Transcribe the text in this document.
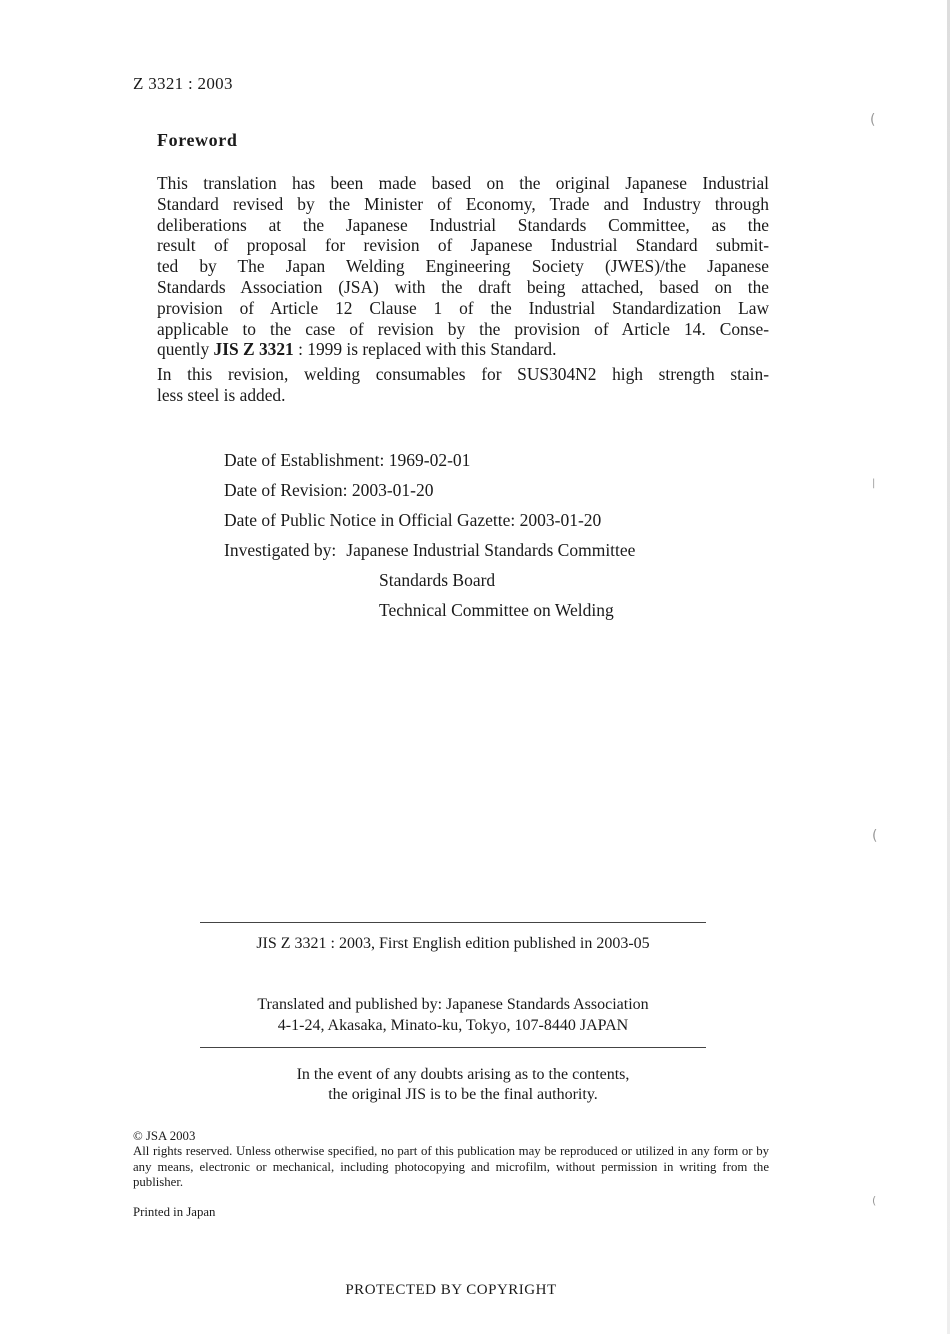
Z 3321 : 2003
Foreword
This translation has been made based on the original Japanese Industrial
Standard revised by the Minister of Economy, Trade and Industry through
deliberations at the Japanese Industrial Standards Committee, as the
result of proposal for revision of Japanese Industrial Standard submit-
ted by The Japan Welding Engineering Society (JWES)/the Japanese
Standards Association (JSA) with the draft being attached, based on the
provision of Article 12 Clause 1 of the Industrial Standardization Law
applicable to the case of revision by the provision of Article 14. Conse-
quently JIS Z 3321 : 1999 is replaced with this Standard.
In this revision, welding consumables for SUS304N2 high strength stain-
less steel is added.
Date of Establishment: 1969-02-01
Date of Revision: 2003-01-20
Date of Public Notice in Official Gazette: 2003-01-20
Investigated by: Japanese Industrial Standards Committee
Standards Board
Technical Committee on Welding
JIS Z 3321 : 2003, First English edition published in 2003-05
Translated and published by: Japanese Standards Association
4-1-24, Akasaka, Minato-ku, Tokyo, 107-8440 JAPAN
In the event of any doubts arising as to the contents,
the original JIS is to be the final authority.
© JSA 2003
All rights reserved. Unless otherwise specified, no part of this publication may be reproduced or utilized in any form or by any means, electronic or mechanical, including photocopying and microfilm, without permission in writing from the publisher.
Printed in Japan
PROTECTED BY COPYRIGHT
(
(
|
(
